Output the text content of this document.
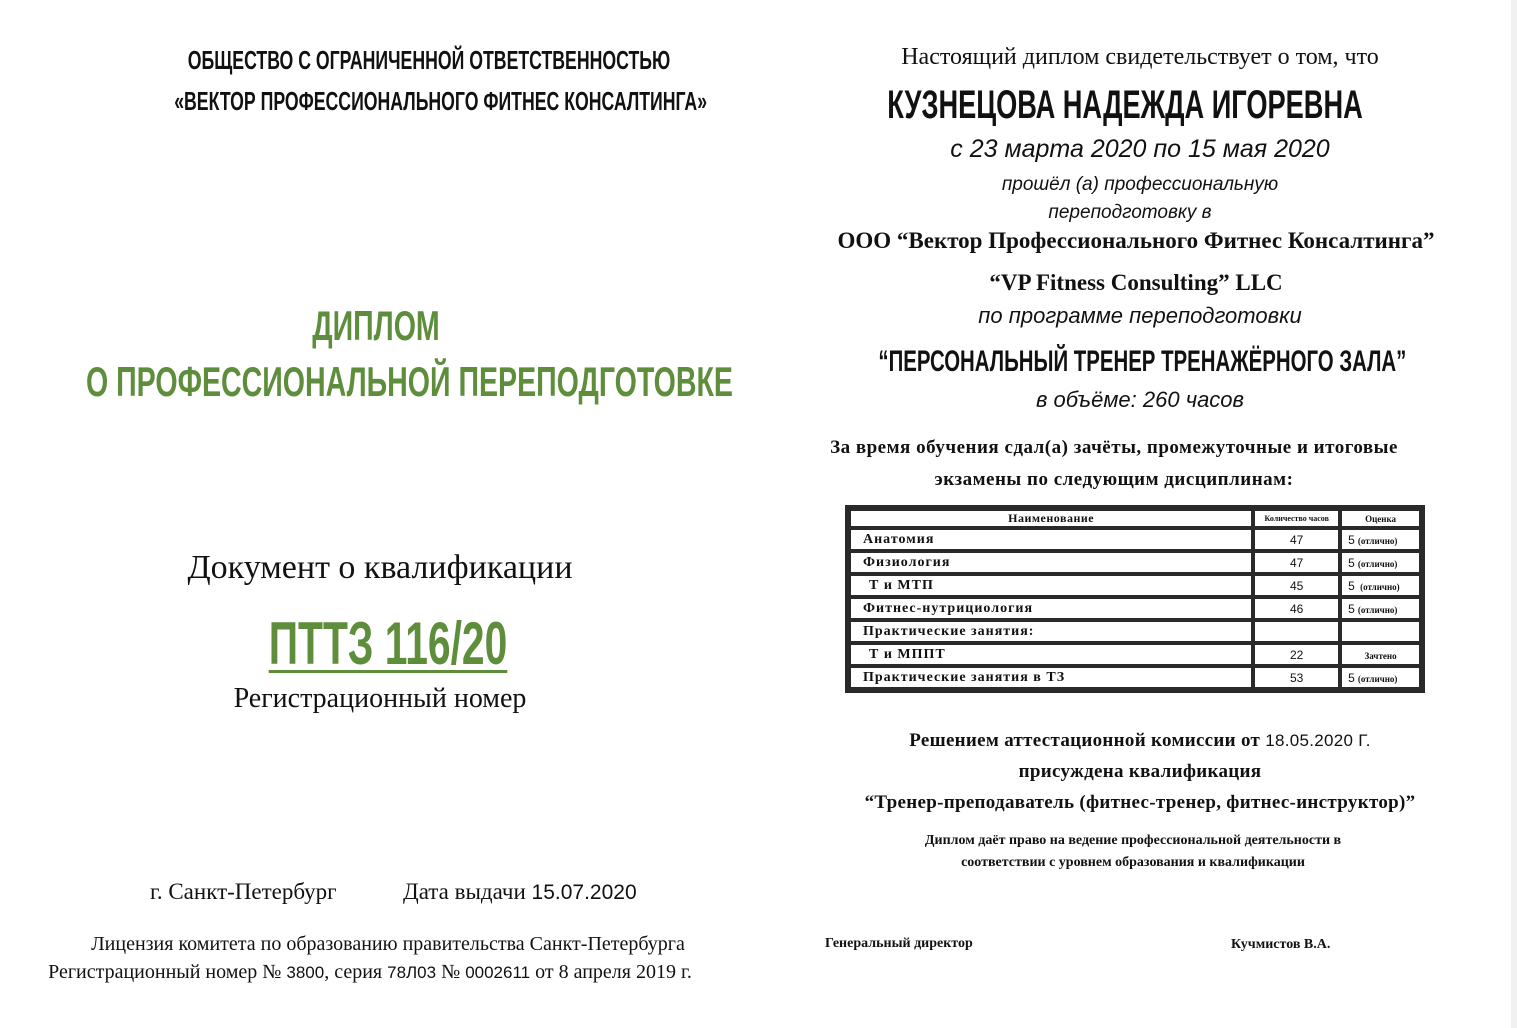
ОБЩЕСТВО С ОГРАНИЧЕННОЙ ОТВЕТСТВЕННОСТЬЮ
«ВЕКТОР ПРОФЕССИОНАЛЬНОГО ФИТНЕС КОНСАЛТИНГА»
ДИПЛОМ
О ПРОФЕССИОНАЛЬНОЙ ПЕРЕПОДГОТОВКЕ
Документ о квалификации
ПТТЗ 116/20
Регистрационный номер
г. Санкт-Петербург	Дата выдачи 15.07.2020
Лицензия комитета по образованию правительства Санкт-Петербурга
Регистрационный номер № 3800, серия 78Л03 № 0002611 от 8 апреля 2019 г.
Настоящий диплом свидетельствует о том, что
КУЗНЕЦОВА НАДЕЖДА ИГОРЕВНА
с 23 марта 2020 по 15 мая 2020
прошёл (а) профессиональную
переподготовку в
ООО “Вектор Профессионального Фитнес Консалтинга”
“VP Fitness Consulting” LLC
по программе переподготовки
“ПЕРСОНАЛЬНЫЙ ТРЕНЕР ТРЕНАЖЁРНОГО ЗАЛА”
в объёме: 260 часов
За время обучения сдал(а) зачёты, промежуточные и итоговые
экзамены по следующим дисциплинам:
Наименование	Количество часов	Оценка
Анатомия	47	5 (отлично)
Физиология	47	5 (отлично)
Т и МТП	45	5 (отлично)
Фитнес-нутрициология	46	5 (отлично)
Практические занятия:		
Т и МППТ	22	Зачтено
Практические занятия в ТЗ	53	5 (отлично)
Решением аттестационной комиссии от 18.05.2020 Г.
присуждена квалификация
“Тренер-преподаватель (фитнес-тренер, фитнес-инструктор)”
Диплом даёт право на ведение профессиональной деятельности в
соответствии с уровнем образования и квалификации
Генеральный директор	Кучмистов В.А.
